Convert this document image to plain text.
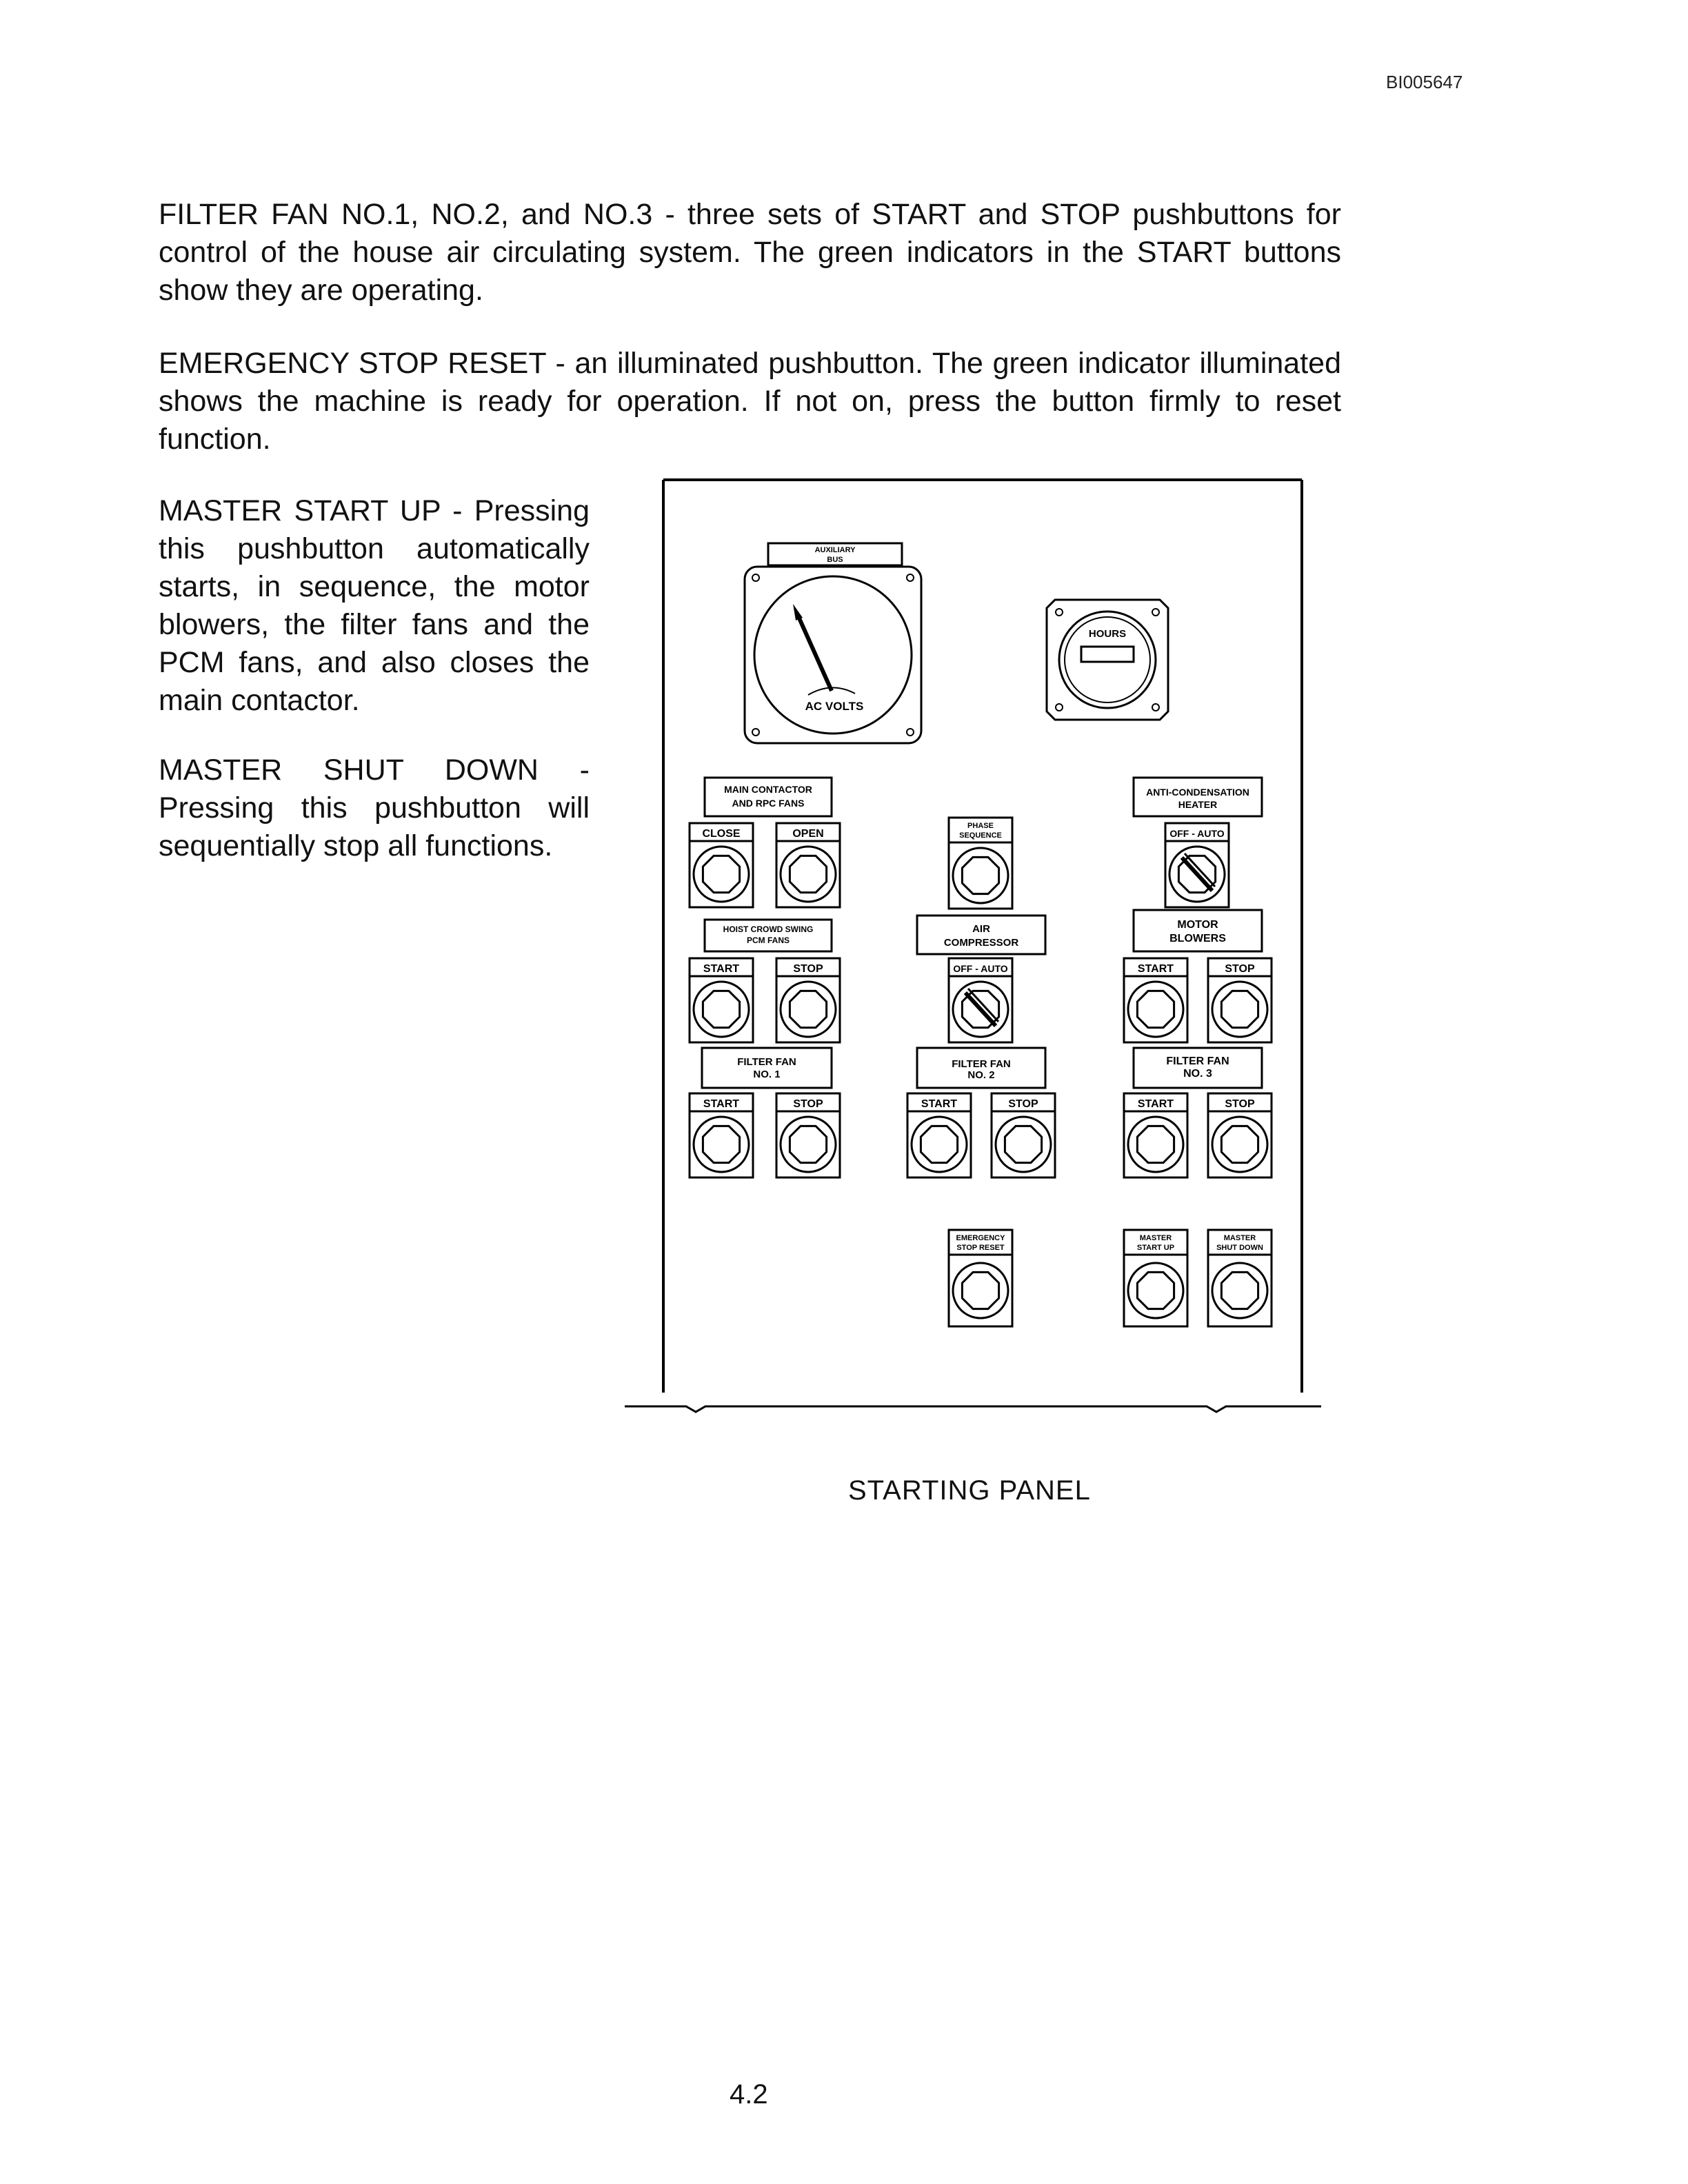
BI005647

FILTER FAN NO.1, NO.2, and NO.3 - three sets of START and STOP pushbuttons for control of the house air circulating system. The green indicators in the START buttons show they are operating.

EMERGENCY STOP RESET - an illuminated pushbutton. The green indicator illuminated shows the machine is ready for operation. If not on, press the button firmly to reset function.

MASTER START UP - Pressing this pushbutton automatically starts, in sequence, the motor blowers, the filter fans and the PCM fans, and also closes the main contactor.

MASTER SHUT DOWN - Pressing this pushbutton will sequentially stop all functions.

AUXILIARY
BUS
AC VOLTS
HOURS
MAIN CONTACTOR
AND RPC FANS
ANTI-CONDENSATION
HEATER
HOIST CROWD SWING
PCM FANS
AIR
COMPRESSOR
MOTOR
BLOWERS
FILTER FAN
NO. 1
FILTER FAN
NO. 2
FILTER FAN
NO. 3
CLOSE	OPEN
PHASE
SEQUENCE	OFF - AUTO
START	STOP	OFF - AUTO	START	STOP
START	STOP	START	STOP	START	STOP
EMERGENCY
STOP RESET
MASTER
START UP
MASTER
SHUT DOWN
STARTING PANEL
4.2
